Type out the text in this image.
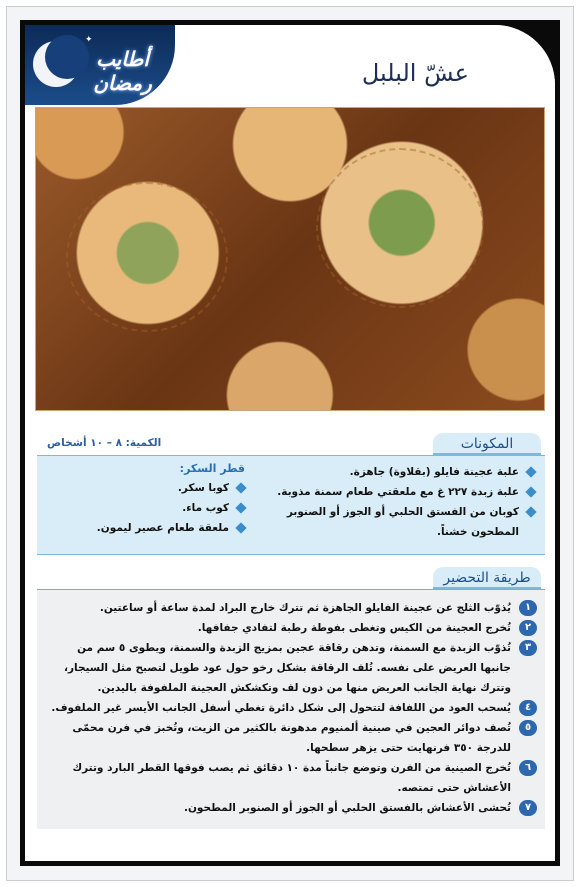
✦
✦
أطايب رمضان	عشّ البلبل
الكمية: ٨ – ١٠ أشخاص	المكونات
علبة عجينة فايلو (بقلاوة) جاهزة.
علبة زبدة ٢٢٧ غ مع ملعقتي طعام سمنة مذوبة.
كوبان من الفستق الحلبي أو الجوز أو الصنوبر المطحون خشناً.
قطر السكر:
كوبا سكر.
كوب ماء.
ملعقة طعام عصير ليمون.
طريقة التحضير
١
يُذوّب الثلج عن عجينة الفايلو الجاهزة ثم تترك خارج البراد لمدة ساعة أو ساعتين.
٢
تُخرج العجينة من الكيس وتغطى بفوطة رطبة لتفادي جفافها.
٣
تُذوّب الزبدة مع السمنة، وتدهن رقاقة عجين بمزيج الزبدة والسمنة، ويطوى ٥ سم من جانبها العريض على نفسه. تُلف الرقاقة بشكل رخو حول عود طويل لتصبح مثل السيجار، وتترك نهاية الجانب العريض منها من دون لف وتكشكش العجينة الملفوفة باليدين.
٤
يُسحب العود من اللفافة لتتحول إلى شكل دائرة تغطي أسفل الجانب الأيسر غير الملفوف.
٥
تُصف دوائر العجين في صينية ألمنيوم مدهونة بالكثير من الزيت، وتُخبز في فرن محمّى للدرجة ٣٥٠ فرنهايت حتى يزهر سطحها.
٦
تُخرج الصينية من الفرن وتوضع جانباً مدة ١٠ دقائق ثم يصب فوقها القطر البارد وتترك الأعشاش حتى تمتصه.
٧
تُحشى الأعشاش بالفستق الحلبي أو الجوز أو الصنوبر المطحون.
